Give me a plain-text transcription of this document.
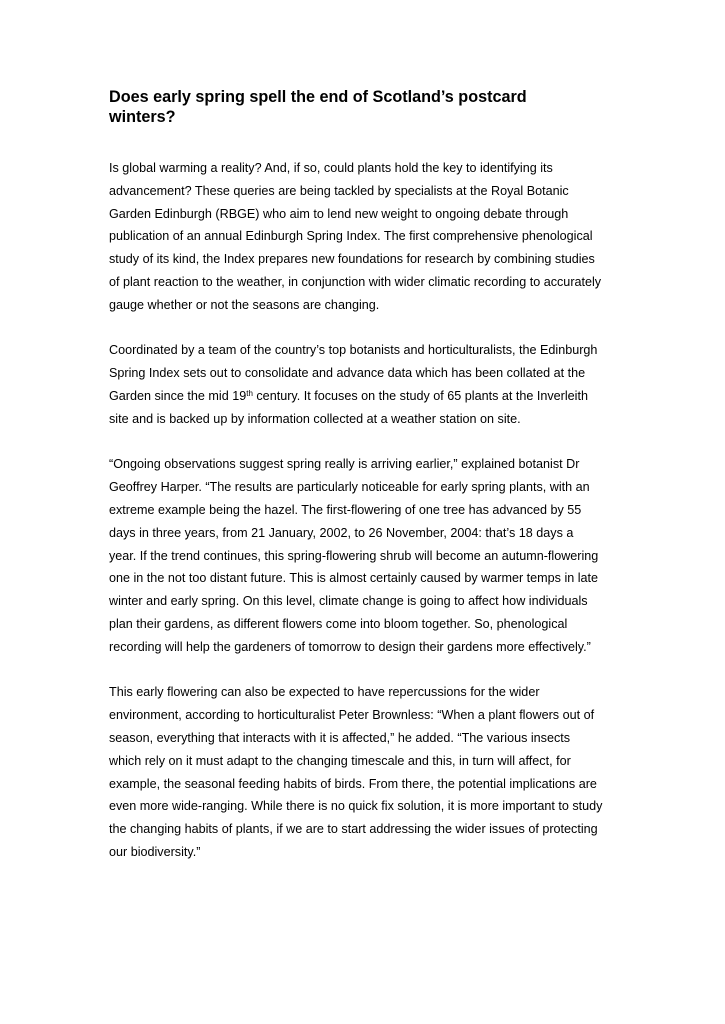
Does early spring spell the end of Scotland’s postcard winters?

Is global warming a reality? And, if so, could plants hold the key to identifying its advancement? These queries are being tackled by specialists at the Royal Botanic Garden Edinburgh (RBGE) who aim to lend new weight to ongoing debate through publication of an annual Edinburgh Spring Index. The first comprehensive phenological study of its kind, the Index prepares new foundations for research by combining studies of plant reaction to the weather, in conjunction with wider climatic recording to accurately gauge whether or not the seasons are changing.

Coordinated by a team of the country’s top botanists and horticulturalists, the Edinburgh Spring Index sets out to consolidate and advance data which has been collated at the Garden since the mid 19th century. It focuses on the study of 65 plants at the Inverleith site and is backed up by information collected at a weather station on site.

“Ongoing observations suggest spring really is arriving earlier,” explained botanist Dr Geoffrey Harper. “The results are particularly noticeable for early spring plants, with an extreme example being the hazel. The first-flowering of one tree has advanced by 55 days in three years, from 21 January, 2002, to 26 November, 2004: that’s 18 days a year. If the trend continues, this spring-flowering shrub will become an autumn-flowering one in the not too distant future. This is almost certainly caused by warmer temps in late winter and early spring. On this level, climate change is going to affect how individuals plan their gardens, as different flowers come into bloom together. So, phenological recording will help the gardeners of tomorrow to design their gardens more effectively.”

This early flowering can also be expected to have repercussions for the wider environment, according to horticulturalist Peter Brownless: “When a plant flowers out of season, everything that interacts with it is affected,” he added. “The various insects which rely on it must adapt to the changing timescale and this, in turn will affect, for example, the seasonal feeding habits of birds. From there, the potential implications are even more wide-ranging. While there is no quick fix solution, it is more important to study the changing habits of plants, if we are to start addressing the wider issues of protecting our biodiversity.”
